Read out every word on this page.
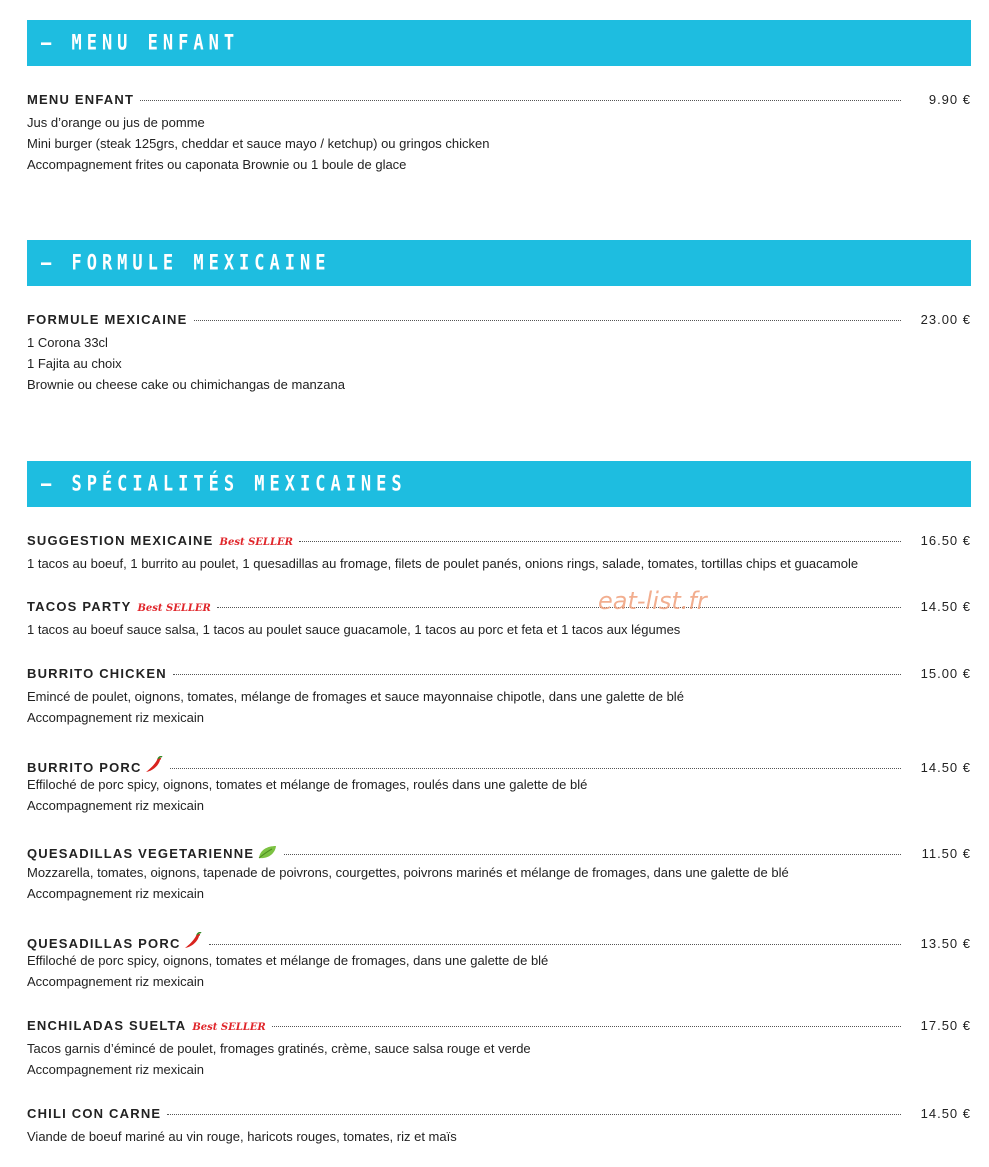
— MENU ENFANT
MENU ENFANT	9.90 €
Jus d’orange ou jus de pomme
Mini burger (steak 125grs, cheddar et sauce mayo / ketchup) ou gringos chicken
Accompagnement frites ou caponata Brownie ou 1 boule de glace
— FORMULE MEXICAINE
FORMULE MEXICAINE	23.00 €
1 Corona 33cl
1 Fajita au choix
Brownie ou cheese cake ou chimichangas de manzana
— SPÉCIALITÉS MEXICAINES
SUGGESTION MEXICAINE Best SELLER	16.50 €
1 tacos au boeuf, 1 burrito au poulet, 1 quesadillas au fromage, filets de poulet panés, onions rings, salade, tomates, tortillas chips et guacamole
TACOS PARTY Best SELLER	14.50 €
1 tacos au boeuf sauce salsa, 1 tacos au poulet sauce guacamole, 1 tacos au porc et feta et 1 tacos aux légumes
BURRITO CHICKEN	15.00 €
Emincé de poulet, oignons, tomates, mélange de fromages et sauce mayonnaise chipotle, dans une galette de blé
Accompagnement riz mexicain
BURRITO PORC	14.50 €
Effiloché de porc spicy, oignons, tomates et mélange de fromages, roulés dans une galette de blé
Accompagnement riz mexicain
QUESADILLAS VEGETARIENNE	11.50 €
Mozzarella, tomates, oignons, tapenade de poivrons, courgettes, poivrons marinés et mélange de fromages, dans une galette de blé
Accompagnement riz mexicain
QUESADILLAS PORC	13.50 €
Effiloché de porc spicy, oignons, tomates et mélange de fromages, dans une galette de blé
Accompagnement riz mexicain
ENCHILADAS SUELTA Best SELLER	17.50 €
Tacos garnis d’émincé de poulet, fromages gratinés, crème, sauce salsa rouge et verde
Accompagnement riz mexicain
CHILI CON CARNE	14.50 €
Viande de boeuf mariné au vin rouge, haricots rouges, tomates, riz et maïs
eat-list.fr
